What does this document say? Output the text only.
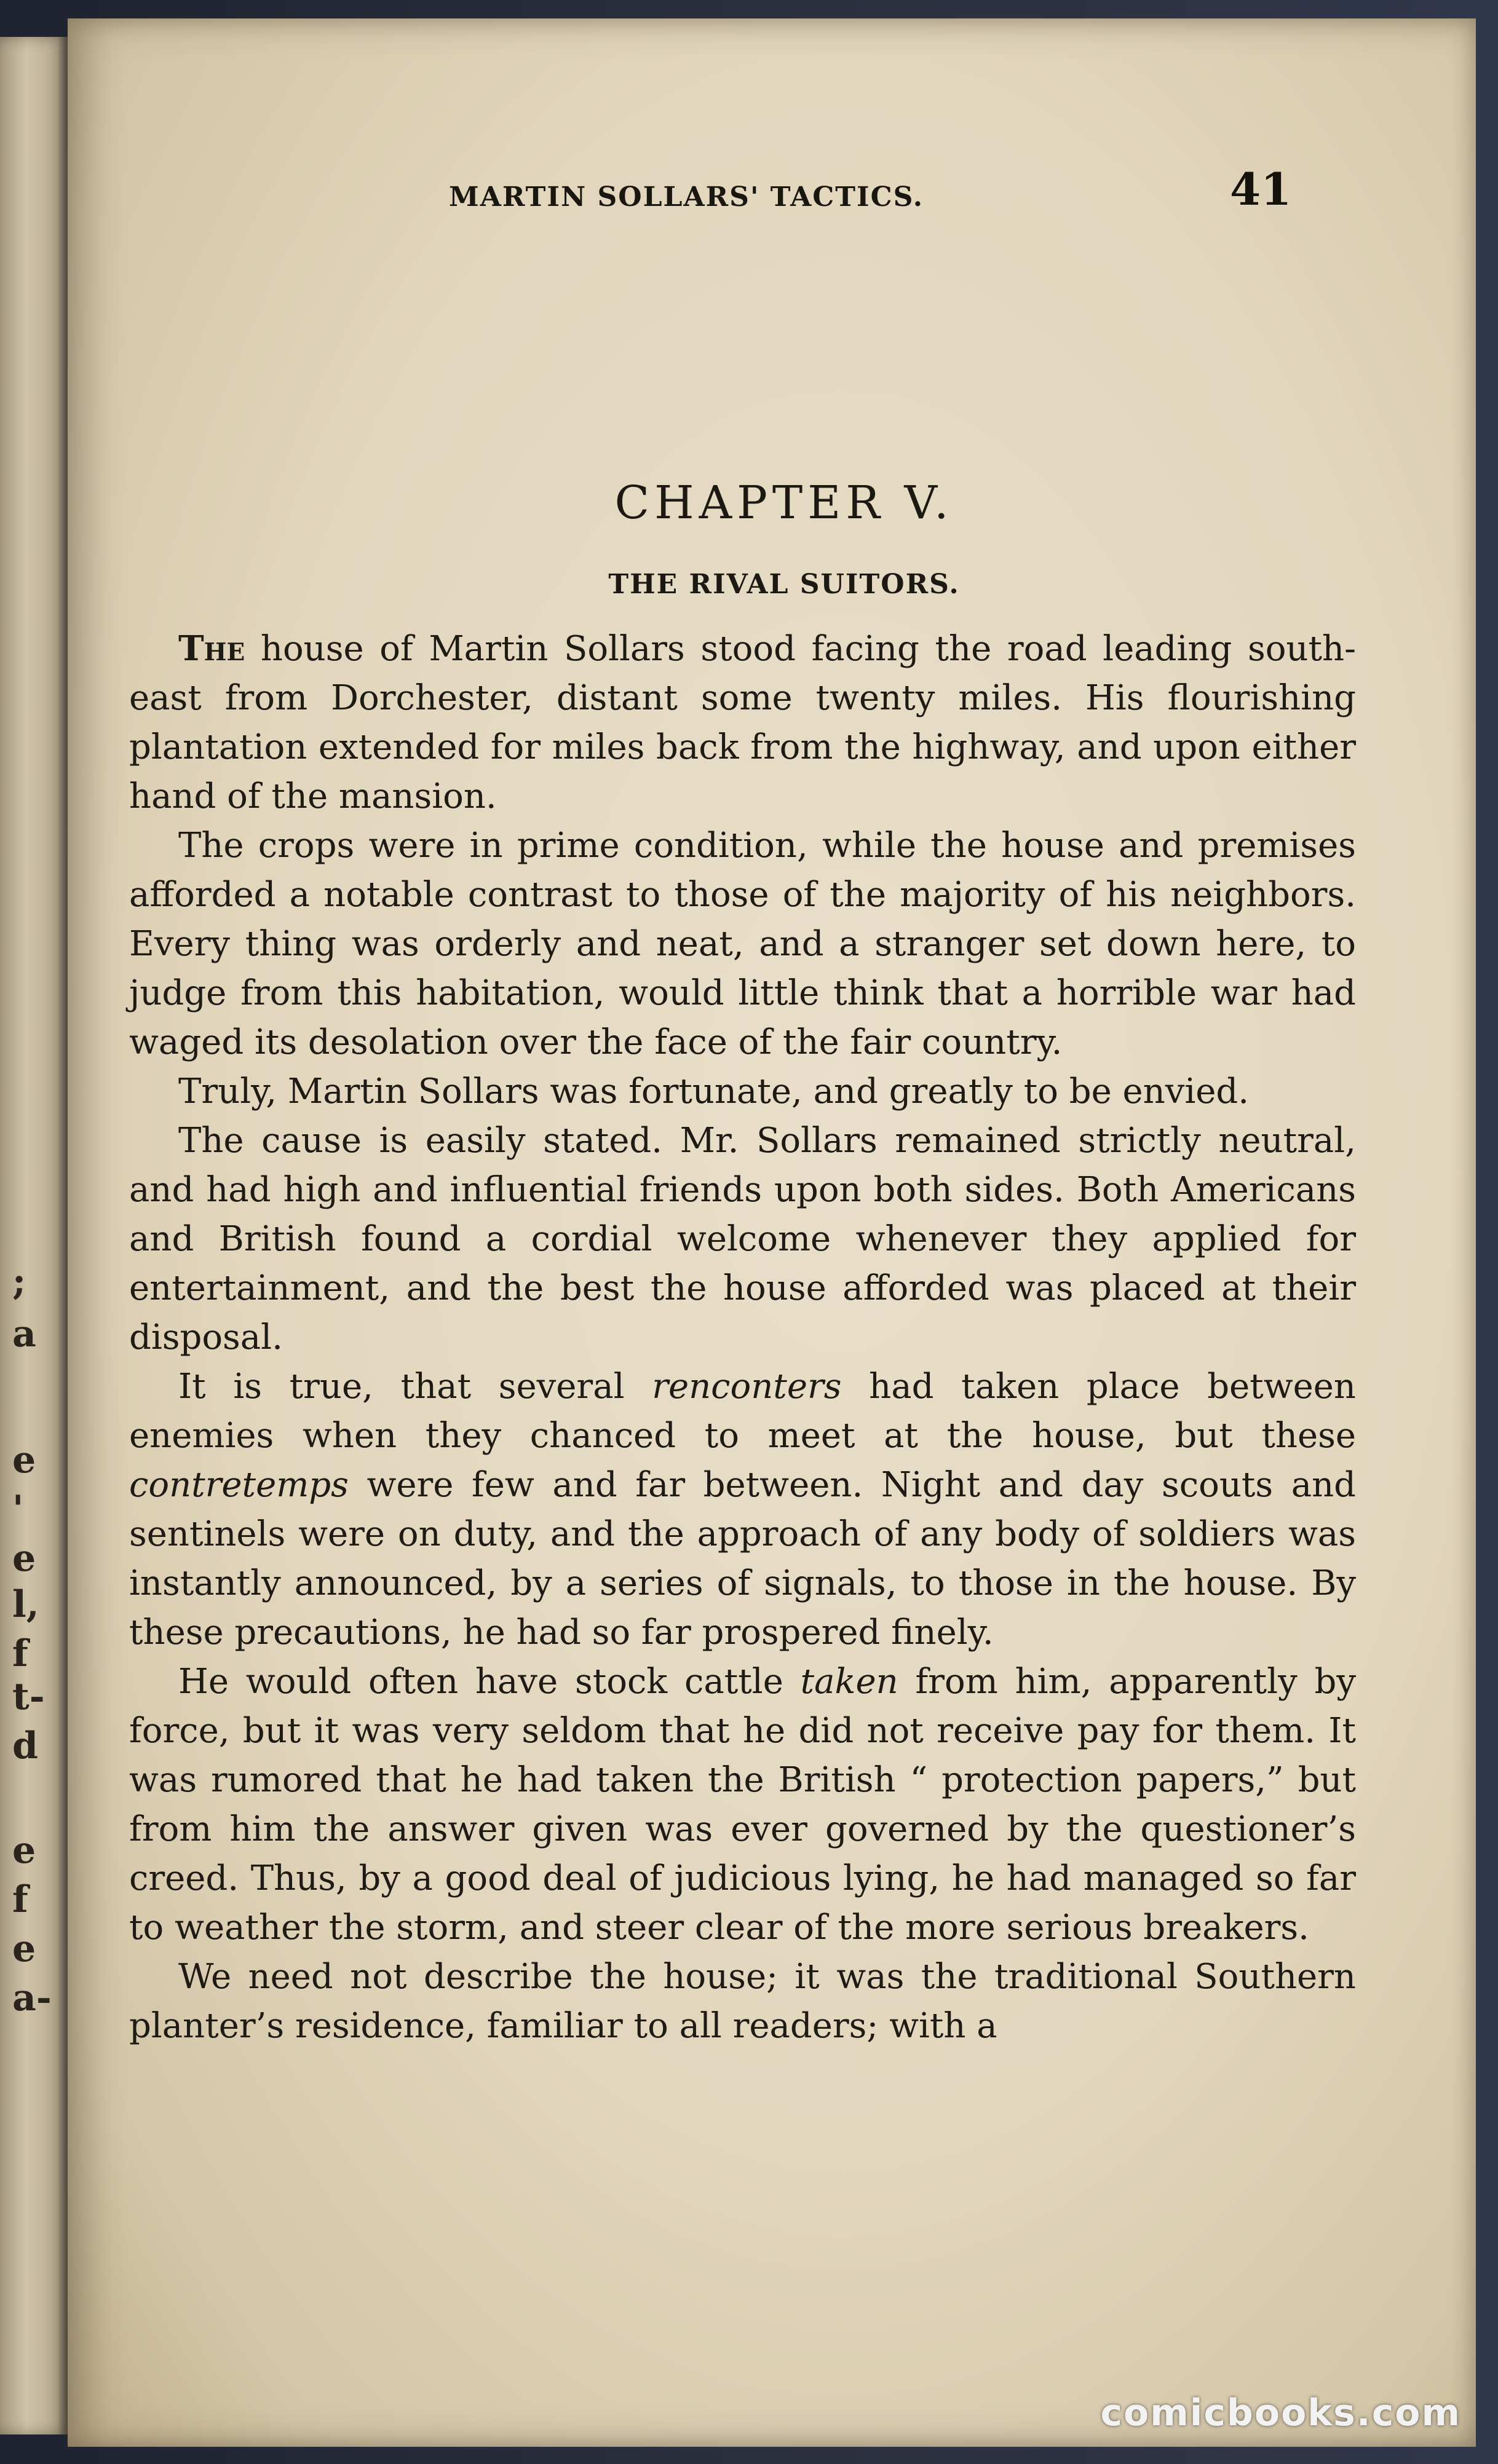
;
a
e
'
e
l,
f
t-
d
e
f
e
a-
MARTIN SOLLARS' TACTICS.	41
CHAPTER V.
THE RIVAL SUITORS.

The house of Martin Sollars stood facing the road leading south-east from Dorchester, distant some twenty miles. His flourishing plantation extended for miles back from the highway, and upon either hand of the mansion.

The crops were in prime condition, while the house and premises afforded a notable contrast to those of the majority of his neighbors. Every thing was orderly and neat, and a stranger set down here, to judge from this habitation, would little think that a horrible war had waged its desolation over the face of the fair country.

Truly, Martin Sollars was fortunate, and greatly to be envied.

The cause is easily stated. Mr. Sollars remained strictly neutral, and had high and influential friends upon both sides. Both Americans and British found a cordial welcome whenever they applied for entertainment, and the best the house afforded was placed at their disposal.

It is true, that several renconters had taken place between enemies when they chanced to meet at the house, but these contretemps were few and far between. Night and day scouts and sentinels were on duty, and the approach of any body of soldiers was instantly announced, by a series of signals, to those in the house. By these precautions, he had so far prospered finely.

He would often have stock cattle taken from him, apparently by force, but it was very seldom that he did not receive pay for them. It was rumored that he had taken the British “ protection papers,” but from him the answer given was ever governed by the questioner’s creed. Thus, by a good deal of judicious lying, he had managed so far to weather the storm, and steer clear of the more serious breakers.

We need not describe the house; it was the traditional Southern planter’s residence, familiar to all readers; with a

comicbooks.com
